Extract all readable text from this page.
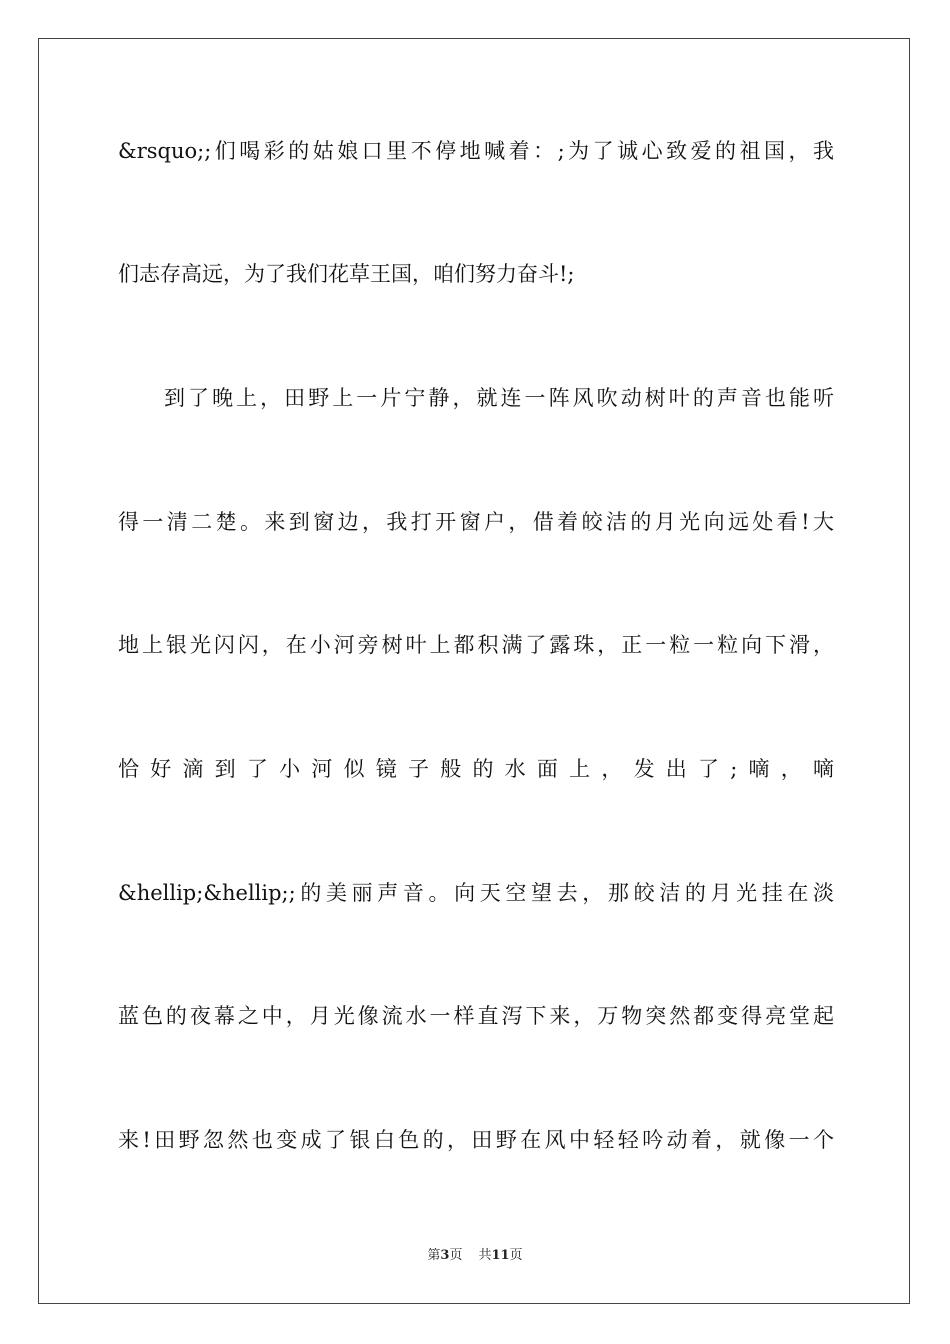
&rsquo;;们喝彩的姑娘口里不停地喊着：;为了诚心致爱的祖国，我
们志存高远，为了我们花草王国，咱们努力奋斗!;
到了晚上，田野上一片宁静，就连一阵风吹动树叶的声音也能听
得一清二楚。来到窗边，我打开窗户，借着皎洁的月光向远处看!大
地上银光闪闪，在小河旁树叶上都积满了露珠，正一粒一粒向下滑，
恰好滴到了小河似镜子般的水面上，发出了;嘀，嘀
&hellip;&hellip;;的美丽声音。向天空望去，那皎洁的月光挂在淡
蓝色的夜幕之中，月光像流水一样直泻下来，万物突然都变得亮堂起
来!田野忽然也变成了银白色的，田野在风中轻轻吟动着，就像一个
第3页 共11页
